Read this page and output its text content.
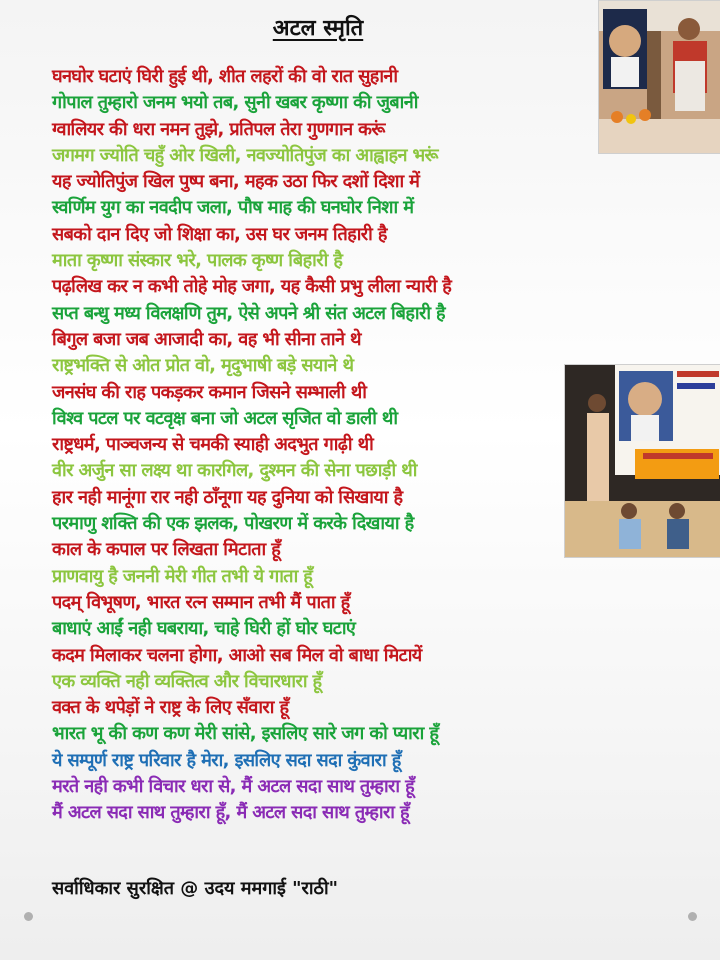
अटल स्मृति
घनघोर घटाएं घिरी हुई थी, शीत लहरों की वो रात सुहानी
गोपाल तुम्हारो जनम भयो तब, सुनी खबर कृष्णा की जुबानी
ग्वालियर की धरा नमन तुझे, प्रतिपल तेरा गुणगान करूं
जगमग ज्योति चहुँ ओर खिली, नवज्योतिपुंज का आह्वाहन भरूं
यह ज्योतिपुंज खिल पुष्प बना, महक उठा फिर दशों दिशा में
स्वर्णिम युग का नवदीप जला, पौष माह की घनघोर निशा में
सबको दान दिए जो शिक्षा का, उस घर जनम तिहारी है
माता कृष्णा संस्कार भरे, पालक कृष्ण बिहारी है
पढ़लिख कर न कभी तोहे मोह जगा, यह कैसी प्रभु लीला न्यारी है
सप्त बन्धु मध्य विलक्षणि तुम, ऐसे अपने श्री संत अटल बिहारी है
बिगुल बजा जब आजादी का, वह भी सीना ताने थे
राष्ट्रभक्ति से ओत प्रोत वो, मृदुभाषी बड़े सयाने थे
जनसंघ की राह पकड़कर कमान जिसने सम्भाली थी
विश्व पटल पर वटवृक्ष बना जो अटल सृजित वो डाली थी
राष्ट्रधर्म, पाञ्चजन्य से चमकी स्याही अदभुत गाढ़ी थी
वीर अर्जुन सा लक्ष्य था कारगिल, दुश्मन की सेना पछाड़ी थी
हार नही मानूंगा रार नही ठाँनूगा यह दुनिया को सिखाया है
परमाणु शक्ति की एक झलक, पोखरण में करके दिखाया है
काल के कपाल पर लिखता मिटाता हूँ
प्राणवायु है जननी मेरी गीत तभी ये गाता हूँ
पदम् विभूषण, भारत रत्न सम्मान तभी मैं पाता हूँ
बाधाएं आईं नही घबराया, चाहे घिरी हों घोर घटाएं
कदम मिलाकर चलना होगा, आओ सब मिल वो बाधा मिटायें
एक व्यक्ति नही व्यक्तित्व और विचारधारा हूँ
वक्त के थपेड़ों ने राष्ट्र के लिए सँवारा हूँ
भारत भू की कण कण मेरी सांसे, इसलिए सारे जग को प्यारा हूँ
ये सम्पूर्ण राष्ट्र परिवार है मेरा, इसलिए सदा सदा कुंवारा हूँ
मरते नही कभी विचार धरा से, मैं अटल सदा साथ तुम्हारा हूँ
मैं अटल सदा साथ तुम्हारा हूँ, मैं अटल सदा साथ तुम्हारा हूँ
सर्वाधिकार सुरक्षित @ उदय ममगाई "राठी"
